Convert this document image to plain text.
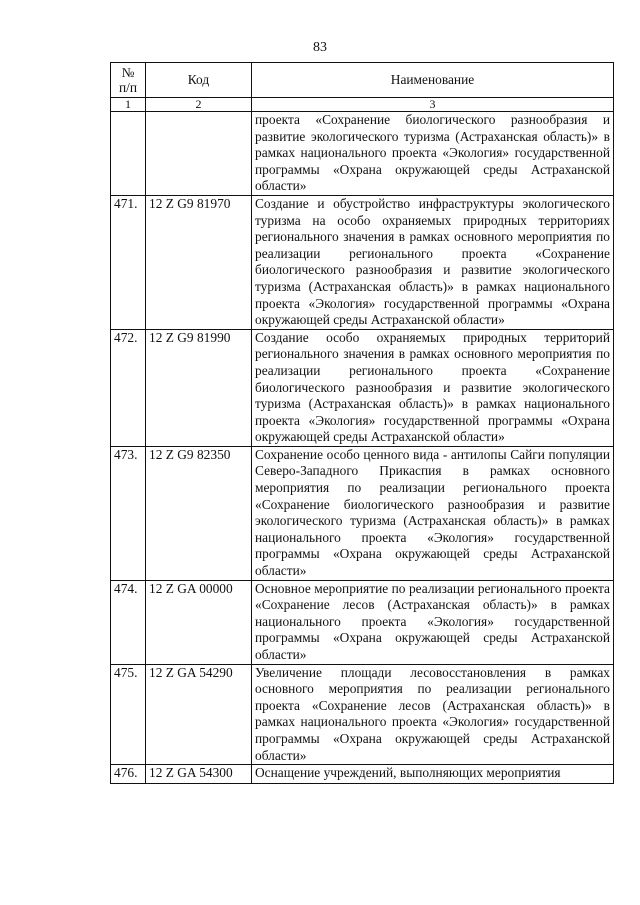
83
№
п/п	Код	Наименование
1	2	3
		проекта «Сохранение биологического разнообразия и развитие экологического туризма (Астраханская область)» в рамках национального проекта «Экология» государственной программы «Охрана окружающей среды Астраханской области»
471.	12 Z G9 81970	Создание и обустройство инфраструктуры экологического туризма на особо охраняемых природных территориях регионального значения в рамках основного мероприятия по реализации регионального проекта «Сохранение биологического разнообразия и развитие экологического туризма (Астраханская область)» в рамках национального проекта «Экология» государственной программы «Охрана окружающей среды Астраханской области»
472.	12 Z G9 81990	Создание особо охраняемых природных территорий регионального значения в рамках основного мероприятия по реализации регионального проекта «Сохранение биологического разнообразия и развитие экологического туризма (Астраханская область)» в рамках национального проекта «Экология» государственной программы «Охрана окружающей среды Астраханской области»
473.	12 Z G9 82350	Сохранение особо ценного вида - антилопы Сайги популяции Северо-Западного Прикаспия в рамках основного мероприятия по реализации регионального проекта «Сохранение биологического разнообразия и развитие экологического туризма (Астраханская область)» в рамках национального проекта «Экология» государственной программы «Охрана окружающей среды Астраханской области»
474.	12 Z GA 00000	Основное мероприятие по реализации регионального проекта «Сохранение лесов (Астраханская область)» в рамках национального проекта «Экология» государственной программы «Охрана окружающей среды Астраханской области»
475.	12 Z GA 54290	Увеличение площади лесовосстановления в рамках основного мероприятия по реализации регионального проекта «Сохранение лесов (Астраханская область)» в рамках национального проекта «Экология» государственной программы «Охрана окружающей среды Астраханской области»
476.	12 Z GA 54300	Оснащение учреждений, выполняющих мероприятия
